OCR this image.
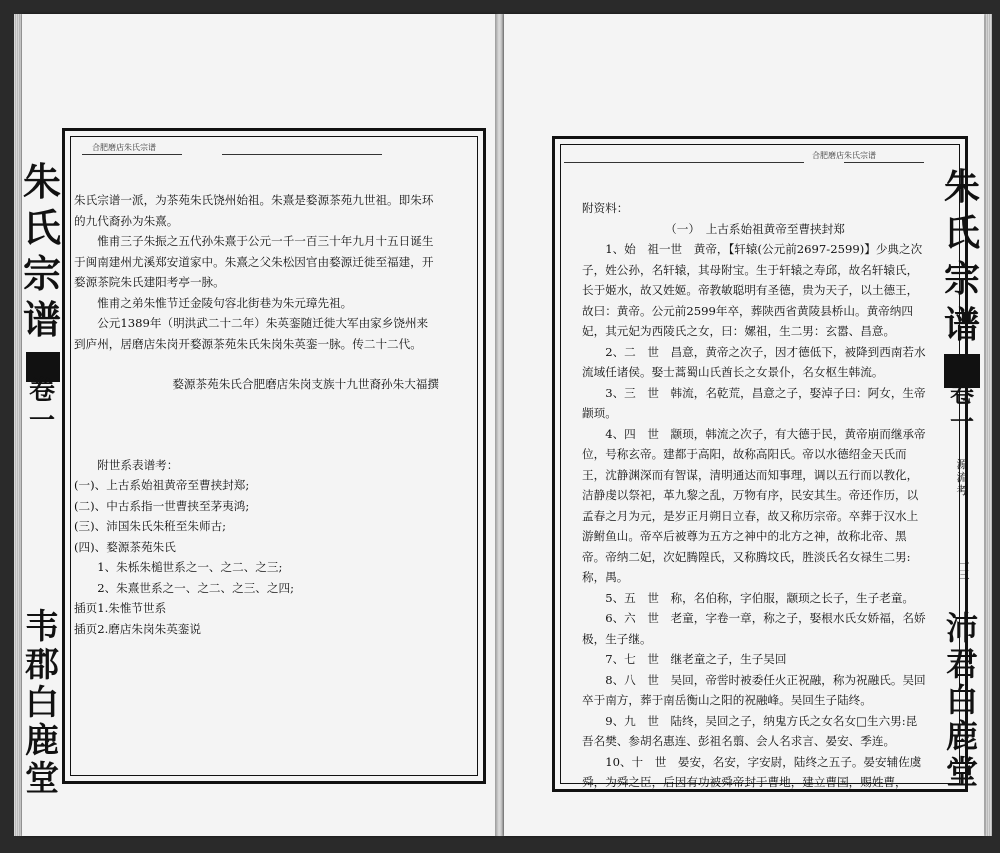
合肥磨店朱氏宗谱
朱
氏
宗
谱
卷
一
韦
郡
白
鹿
堂

朱氏宗谱一派，为茶苑朱氏饶州始祖。朱熹是婺源茶苑九世祖。即朱环的九代裔孙为朱熹。

惟甫三子朱振之五代孙朱熹于公元一千一百三十年九月十五日诞生于闽南建州尤溪郑安道家中。朱熹之父朱松因官由婺源迁徙至福建，开婺源茶院朱氏建阳考亭一脉。

惟甫之弟朱惟节迁金陵句容北街巷为朱元璋先祖。

公元1389年（明洪武二十二年）朱英銮随迁徙大军由家乡饶州来到庐州，居磨店朱岗开婺源茶苑朱氏朱岗朱英銮一脉。传二十二代。

婺源茶苑朱氏合肥磨店朱岗支族十九世裔孙朱大福撰

附世系表谱考：

(一)、上古系始祖黄帝至曹挟封郑;

(二)、中古系指一世曹挟至茅夷鸿;

(三)、沛国朱氏朱秹至朱师古;

(四)、婺源茶苑朱氏

1、朱栎朱槌世系之一、之二、之三;

2、朱熹世系之一、之二、之三、之四;

插页1.朱惟节世系

插页2.磨店朱岗朱英銮说

合肥磨店朱氏宗谱
朱
氏
宗
谱
卷
一
源
流
考
一三
沛
君
白
鹿
堂

附资料：

（一）　上古系始祖黄帝至曹挟封郑

1、始　祖一世　黄帝，【轩辕(公元前2697-2599)】少典之次子，姓公孙，名轩辕，其母附宝。生于轩辕之寿邱，故名轩辕氏，长于姬水，故又姓姬。帝教敏聪明有圣德，贵为天子，以土德王，故曰：黄帝。公元前2599年卒，葬陕西省黄陵县桥山。黄帝纳四妃，其元妃为西陵氏之女，曰：嫘祖，生二男：玄嚣、昌意。

2、二　世　昌意，黄帝之次子，因才德低下，被降到西南若水流域任诸侯。娶士蒿蜀山氏酋长之女景仆，名女枢生韩流。

3、三　世　韩流，名乾荒，昌意之子，娶淖子曰：阿女，生帝颛顼。

4、四　世　颛顼，韩流之次子，有大德于民，黄帝崩而继承帝位，号称玄帝。建都于高阳，故称高阳氏。帝以水德绍金天氏而王，沈静渊深而有智谋，清明通达而知事理，调以五行而以教化，洁静虔以祭祀，革九黎之乱，万物有序，民安其生。帝还作历，以孟春之月为元，是岁正月朔日立春，故又称历宗帝。卒葬于汉水上游鲋鱼山。帝卒后被尊为五方之神中的北方之神，故称北帝、黑帝。帝纳二妃，次妃腾隍氏，又称腾坟氏，胜淡氏名女禄生二男:称，禺。

5、五　世　称，名伯称，字伯服，颛顼之长子，生子老童。

6、六　世　老童，字卷一章，称之子，娶根水氏女娇福，名娇极，生子继。

7、七　世　继老童之子，生子吴回

8、八　世　吴回，帝喾时被委任火正祝融，称为祝融氏。吴回卒于南方，葬于南岳衡山之阳的祝融峰。吴回生子陆终。

9、九　世　陆终，吴回之子，纳鬼方氏之女名女□生六男:昆吾名樊、参胡名惠连、彭祖名翦、会人名求言、晏安、季连。

10、十　世　晏安，名安，字安尉，陆终之五子。晏安辅佐虞舜，为舜之臣，后因有功被舜帝封于曹地，建立曹国，赐姓曹，
